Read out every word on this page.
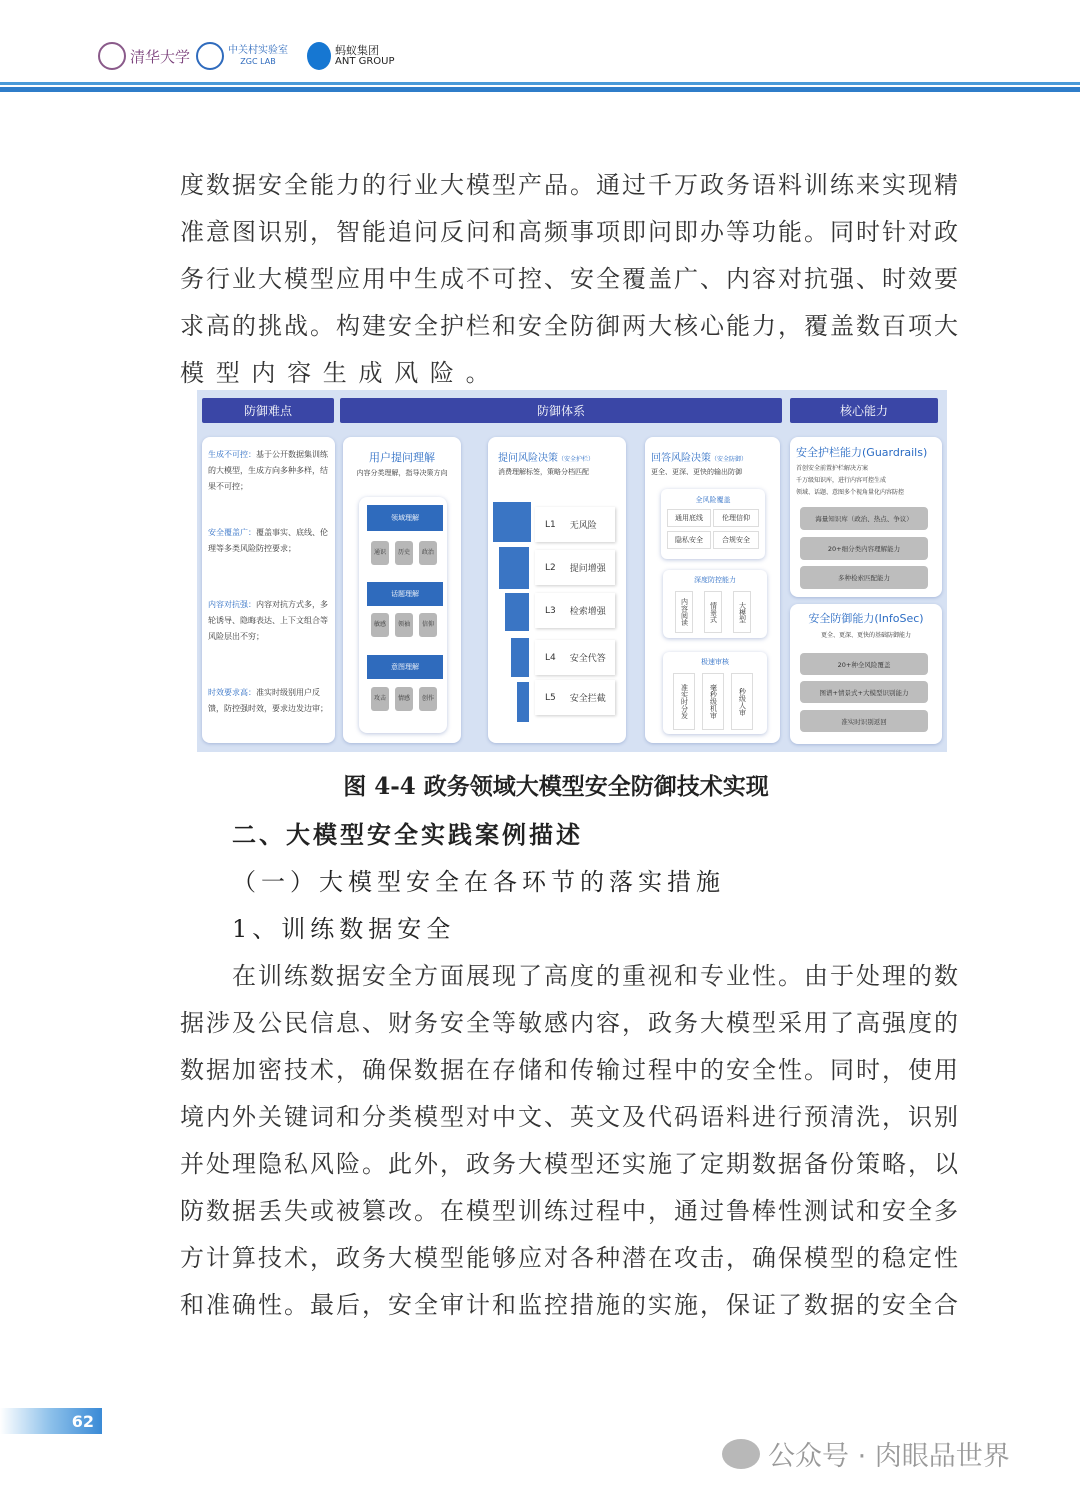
清华大学	中关村实验室
ZGC LAB
蚂蚁集团
ANT GROUP
度数据安全能力的行业大模型产品。通过千万政务语料训练来实现精
准意图识别，智能追问反问和高频事项即问即办等功能。同时针对政
务行业大模型应用中生成不可控、安全覆盖广、内容对抗强、时效要
求高的挑战。构建安全护栏和安全防御两大核心能力，覆盖数百项大
模型内容生成风险。
防御难点	防御体系	核心能力
生成不可控：基于公开数据集训练的大模型，生成方向多种多样，结果不可控；
安全覆盖广：覆盖事实、底线、伦理等多类风险防控要求；
内容对抗强：内容对抗方式多，多轮诱导、隐晦表达、上下文组合等风险层出不穷；
时效要求高：准实时级别用户反馈，防控强时效，要求边发边审；
用户提问理解
内容分类理解，指导决策方向
领域理解
通识	历史	政治
话题理解
敏感	领袖	信仰
意图理解
攻击	情感	创作
提问风险决策（安全护栏）
消费理解标签，策略分档匹配
L1 无风险
L2 提问增强
L3 检索增强
L4 安全代答
L5 安全拦截
回答风险决策（安全防御）
更全、更深、更快的输出防御
全风险覆盖
通用底线	伦理信仰
隐私安全	合规安全
深度防控能力
内容阅读	情景式	大模型
极速审核
准实时分发	毫秒级机审	秒级人审
安全护栏能力(Guardrails)
首创安全前置护栏解决方案
千万级知识库，进行内容可控生成
领域、话题、意图多个视角量化内容防控
海量知识库（政治、热点、争议）
20+细分类内容理解能力
多种检索匹配能力
安全防御能力(InfoSec)
更全、更深、更快的基础防御能力
20+种全风险覆盖
图谱+情景式+大模型识别能力
准实时识别返回
图 4-4 政务领域大模型安全防御技术实现
二、大模型安全实践案例描述
（一）大模型安全在各环节的落实措施
1、训练数据安全
在训练数据安全方面展现了高度的重视和专业性。由于处理的数
据涉及公民信息、财务安全等敏感内容，政务大模型采用了高强度的
数据加密技术，确保数据在存储和传输过程中的安全性。同时，使用
境内外关键词和分类模型对中文、英文及代码语料进行预清洗，识别
并处理隐私风险。此外，政务大模型还实施了定期数据备份策略，以
防数据丢失或被篡改。在模型训练过程中，通过鲁棒性测试和安全多
方计算技术，政务大模型能够应对各种潜在攻击，确保模型的稳定性
和准确性。最后，安全审计和监控措施的实施，保证了数据的安全合
62
公众号 · 肉眼品世界
